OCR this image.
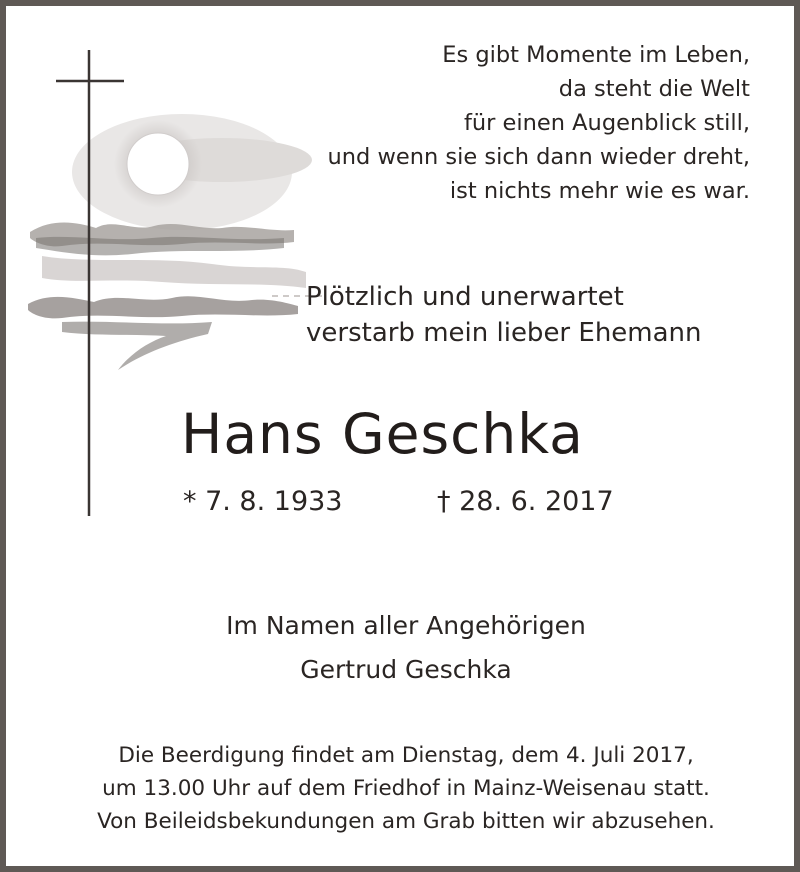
Es gibt Momente im Leben,
da steht die Welt
für einen Augenblick still,
und wenn sie sich dann wieder dreht,
ist nichts mehr wie es war.
Plötzlich und unerwartet
verstarb mein lieber Ehemann
Hans Geschka
* 7. 8. 1933	† 28. 6. 2017
Im Namen aller Angehörigen
Gertrud Geschka
Die Beerdigung findet am Dienstag, dem 4. Juli 2017,
um 13.00 Uhr auf dem Friedhof in Mainz-Weisenau statt.
Von Beileidsbekundungen am Grab bitten wir abzusehen.
